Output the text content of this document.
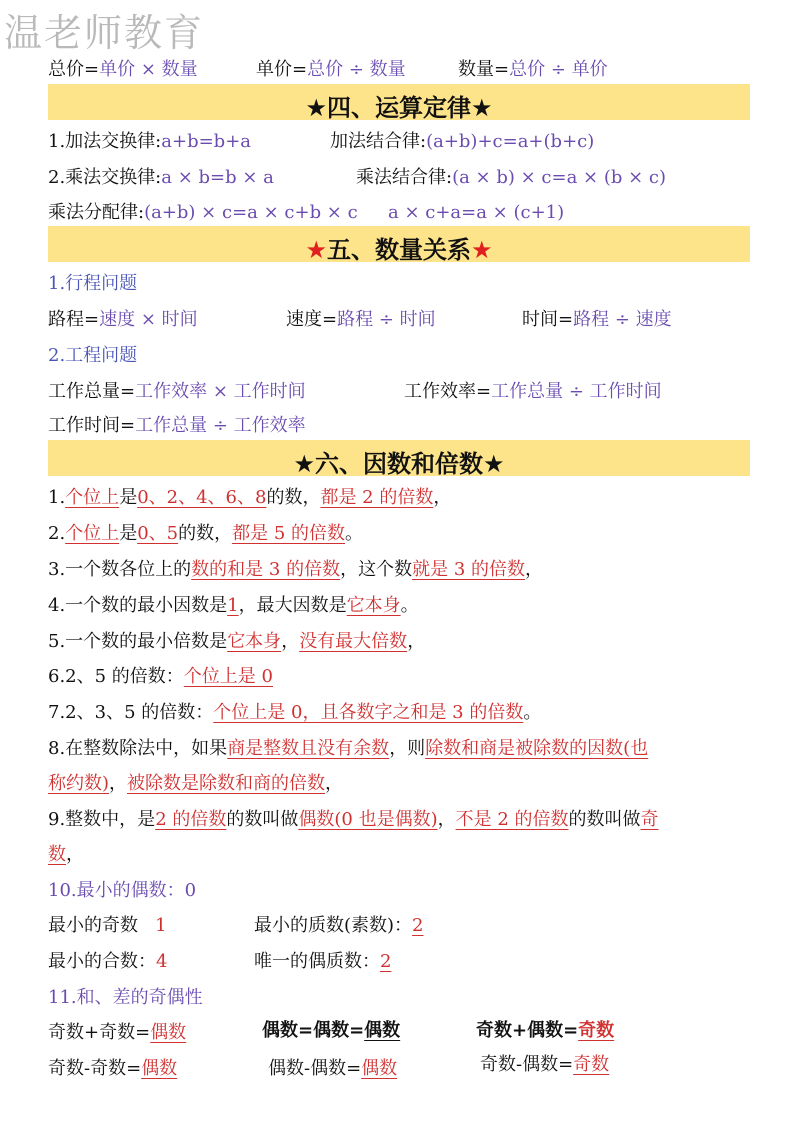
温老师教育
总价=单价 × 数量	单价=总价 ÷ 数量	数量=总价 ÷ 单价
★四、运算定律★
1.加法交换律:a+b=b+a	加法结合律:(a+b)+c=a+(b+c)
2.乘法交换律:a × b=b × a	乘法结合律:(a × b) × c=a × (b × c)
乘法分配律:(a+b) × c=a × c+b × c a × c+a=a × (c+1)
★五、数量关系★
1.行程问题
路程=速度 × 时间	速度=路程 ÷ 时间	时间=路程 ÷ 速度
2.工程问题
工作总量=工作效率 × 工作时间	工作效率=工作总量 ÷ 工作时间
工作时间=工作总量 ÷ 工作效率
★六、因数和倍数★
1.个位上是0、2、4、6、8的数，都是 2 的倍数，
2.个位上是0、5的数，都是 5 的倍数。
3.一个数各位上的数的和是 3 的倍数，这个数就是 3 的倍数，
4.一个数的最小因数是1，最大因数是它本身。
5.一个数的最小倍数是它本身，没有最大倍数，
6.2、5 的倍数：个位上是 0
7.2、3、5 的倍数：个位上是 0，且各数字之和是 3 的倍数。
8.在整数除法中，如果商是整数且没有余数，则除数和商是被除数的因数(也
称约数)，被除数是除数和商的倍数，
9.整数中，是2 的倍数的数叫做偶数(0 也是偶数)，不是 2 的倍数的数叫做奇
数，
10.最小的偶数：0
最小的奇数 1	最小的质数(素数)：2
最小的合数：4	唯一的偶质数：2
11.和、差的奇偶性
奇数+奇数=偶数	偶数=偶数=偶数	奇数+偶数=奇数
奇数-奇数=偶数	偶数-偶数=偶数	奇数-偶数=奇数
